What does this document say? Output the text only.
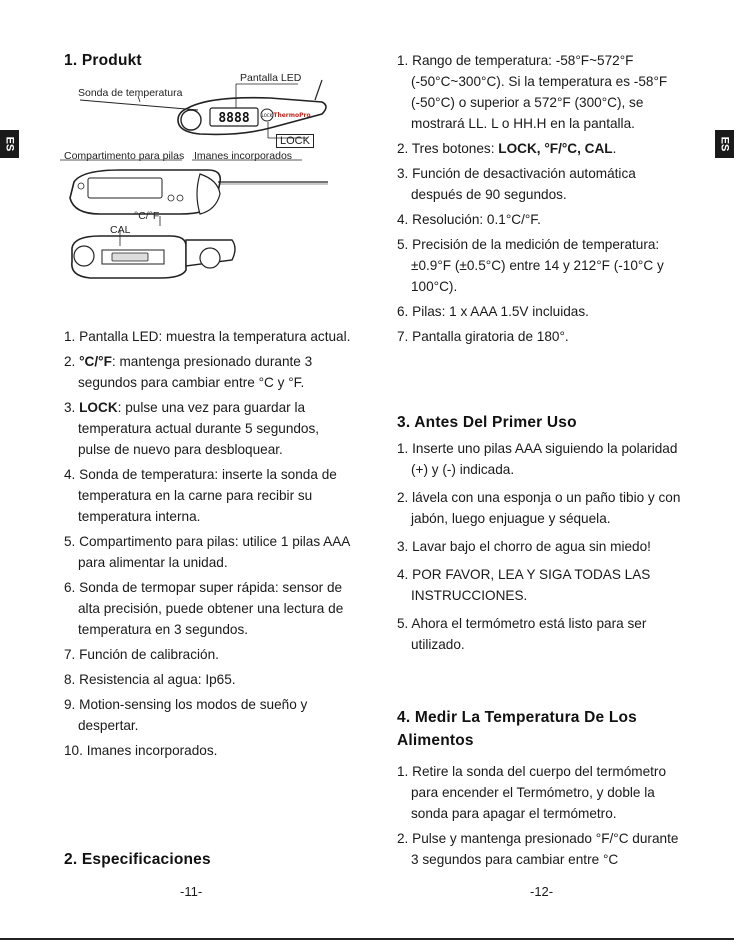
ES	ES
1. Produkt
8888	LOCK ThermoPro
Sonda de temperatura
Pantalla LED
LOCK
Compartimento para pilas Imanes incorporados
°C/°F
CAL
1. Pantalla LED: muestra la temperatura actual.
2. °C/°F: mantenga presionado durante 3 segundos para cambiar entre °C y °F.
3. LOCK: pulse una vez para guardar la temperatura actual durante 5 segundos, pulse de nuevo para desbloquear.
4. Sonda de temperatura: inserte la sonda de temperatura en la carne para recibir su temperatura interna.
5. Compartimento para pilas: utilice 1 pilas AAA para alimentar la unidad.
6. Sonda de termopar super rápida: sensor de alta precisión, puede obtener una lectura de temperatura en 3 segundos.
7. Función de calibración.
8. Resistencia al agua: Ip65.
9. Motion-sensing los modos de sueño y despertar.
10. Imanes incorporados.
2. Especificaciones
-11-
1. Rango de temperatura: -58°F~572°F (-50°C~300°C). Si la temperatura es -58°F (-50°C) o superior a 572°F (300°C), se mostrará LL. L o HH.H en la pantalla.
2. Tres botones: LOCK, °F/°C, CAL.
3. Función de desactivación automática después de 90 segundos.
4. Resolución: 0.1°C/°F.
5. Precisión de la medición de temperatura: ±0.9°F (±0.5°C) entre 14 y 212°F (-10°C y 100°C).
6. Pilas: 1 x AAA 1.5V incluidas.
7. Pantalla giratoria de 180°.
3. Antes Del Primer Uso
1. Inserte uno pilas AAA siguiendo la polaridad (+) y (-) indicada.
2. lávela con una esponja o un paño tibio y con jabón, luego enjuague y séquela.
3. Lavar bajo el chorro de agua sin miedo!
4. POR FAVOR, LEA Y SIGA TODAS LAS INSTRUCCIONES.
5. Ahora el termómetro está listo para ser utilizado.
4. Medir La Temperatura De Los Alimentos
1. Retire la sonda del cuerpo del termómetro para encender el Termómetro, y doble la sonda para apagar el termómetro.
2. Pulse y mantenga presionado °F/°C durante 3 segundos para cambiar entre °C
-12-
